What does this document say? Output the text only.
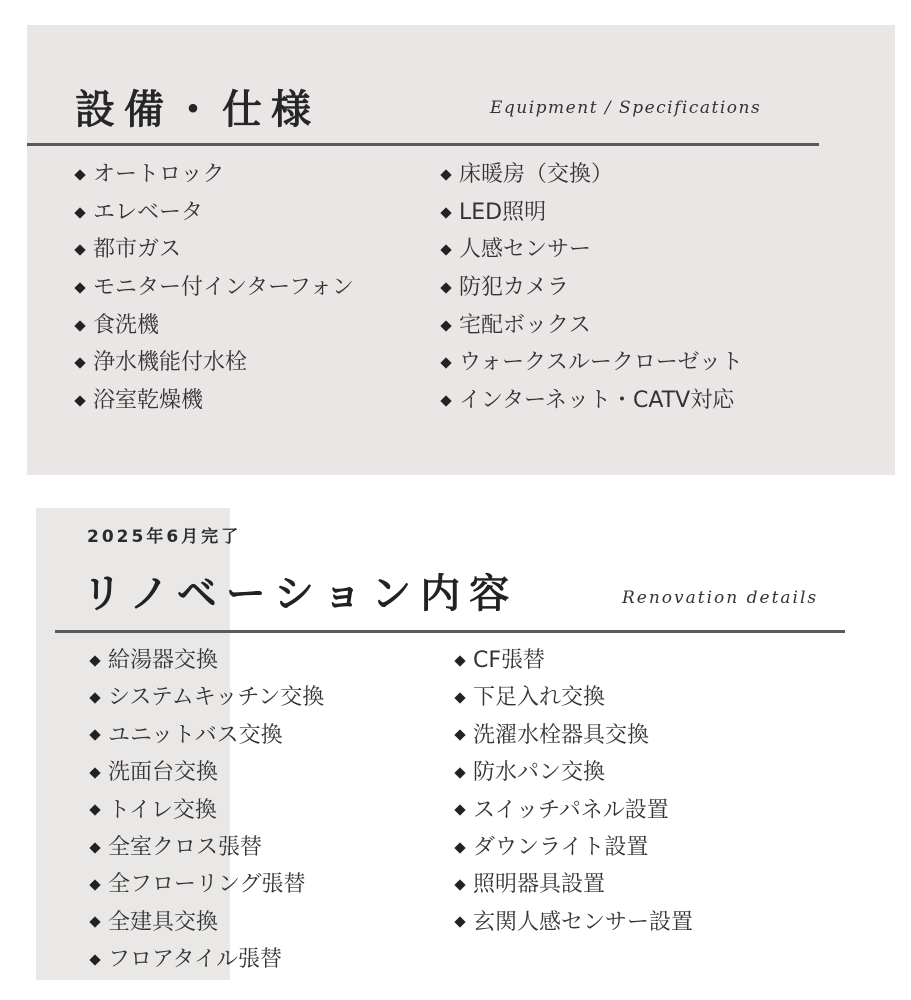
設備・仕様	Equipment / Specifications
オートロック
エレベータ
都市ガス
モニター付インターフォン
食洗機
浄水機能付水栓
浴室乾燥機
床暖房（交換）
LED照明
人感センサー
防犯カメラ
宅配ボックス
ウォークスルークローゼット
インターネット・CATV対応
2025年6月完了
リノベーション内容	Renovation details
給湯器交換
システムキッチン交換
ユニットバス交換
洗面台交換
トイレ交換
全室クロス張替
全フローリング張替
全建具交換
フロアタイル張替
CF張替
下足入れ交換
洗濯水栓器具交換
防水パン交換
スイッチパネル設置
ダウンライト設置
照明器具設置
玄関人感センサー設置
